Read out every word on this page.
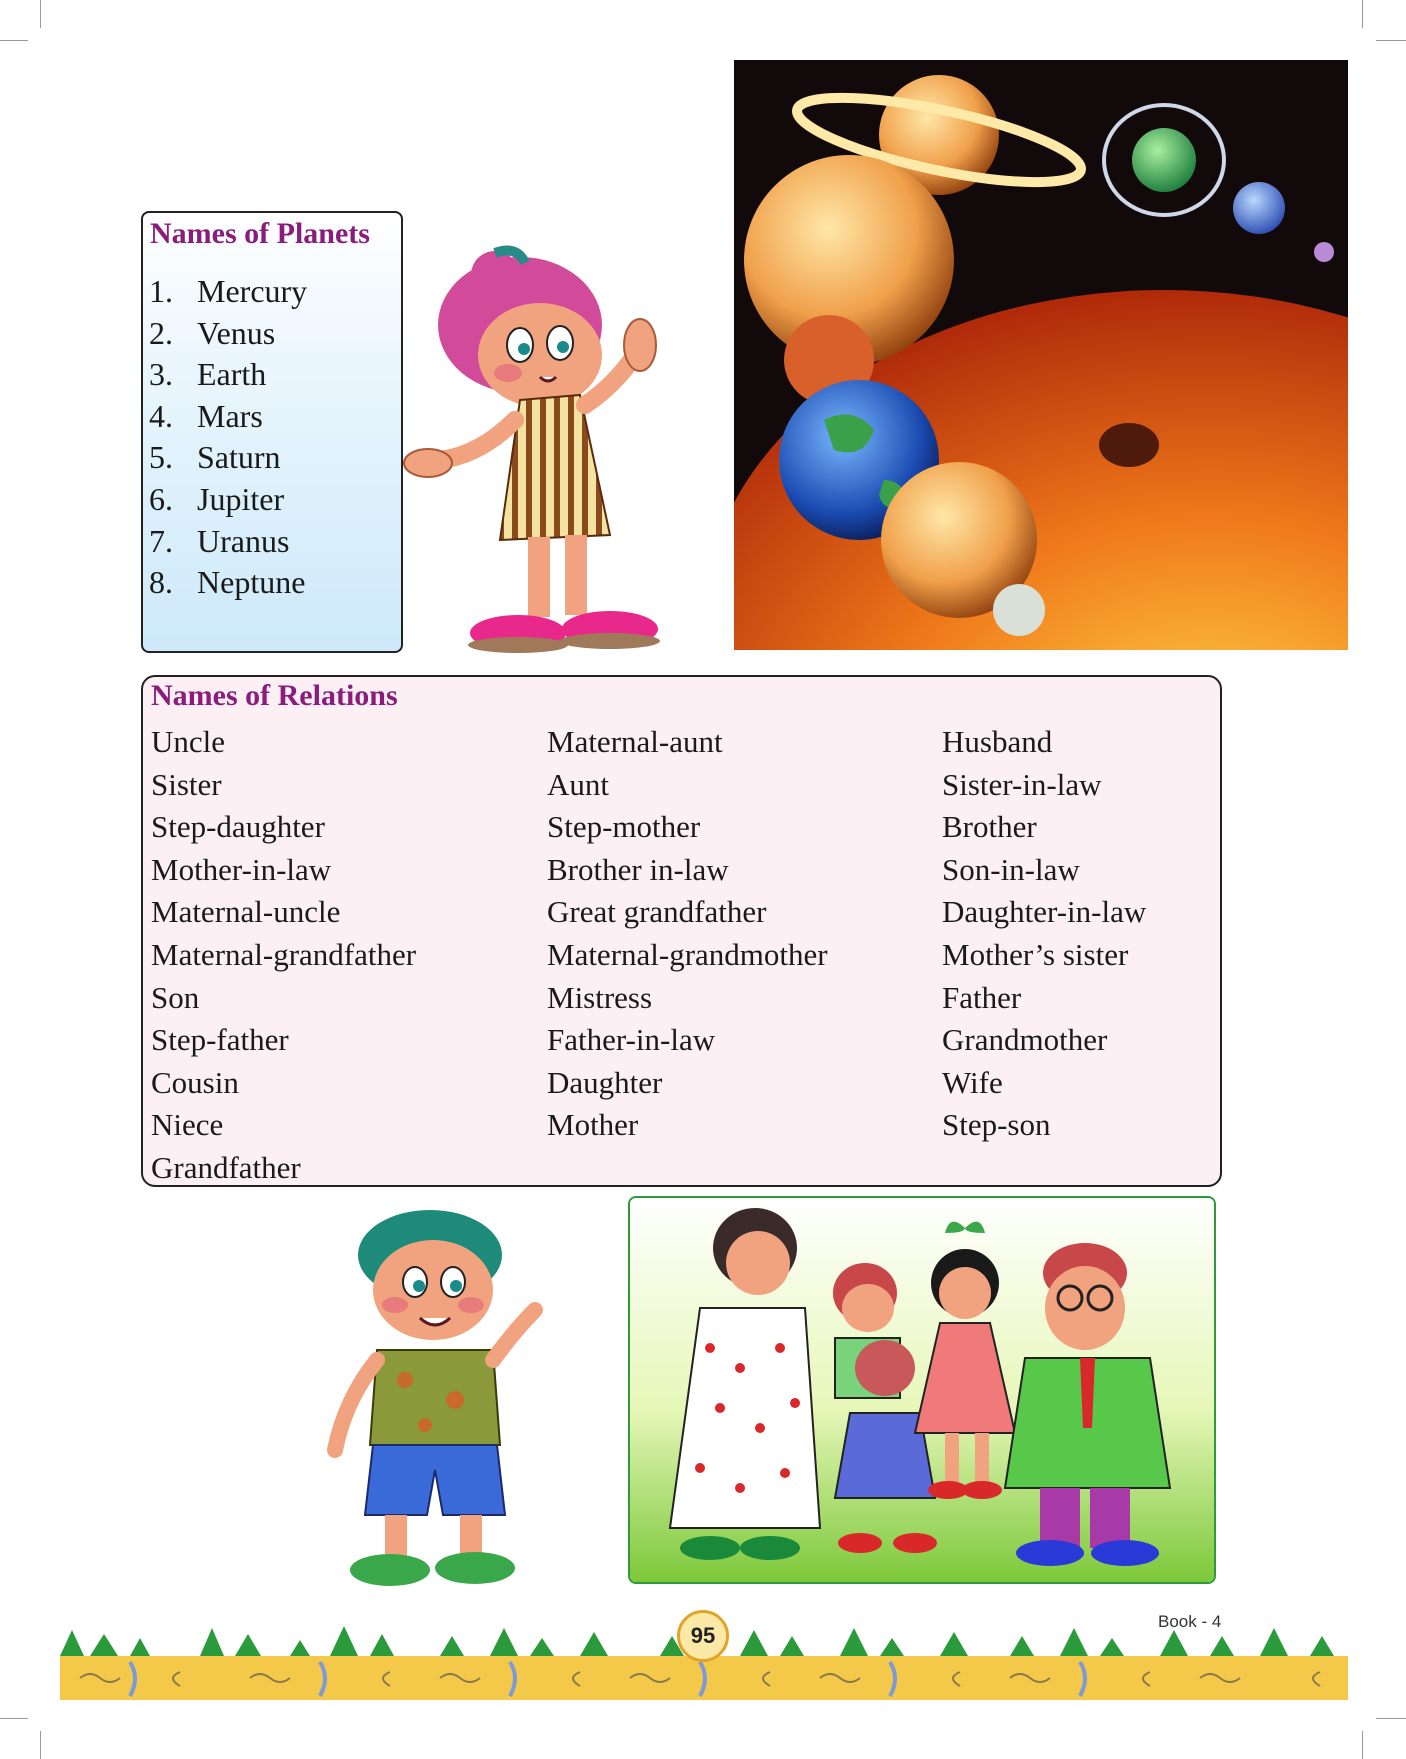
Names of Planets
1. Mercury
2. Venus
3. Earth
4. Mars
5. Saturn
6. Jupiter
7. Uranus
8. Neptune
Names of Relations
Uncle
Sister
Step-daughter
Mother-in-law
Maternal-uncle
Maternal-grandfather
Son
Step-father
Cousin
Niece
Grandfather
Maternal-aunt
Aunt
Step-mother
Brother in-law
Great grandfather
Maternal-grandmother
Mistress
Father-in-law
Daughter
Mother
Husband
Sister-in-law
Brother
Son-in-law
Daughter-in-law
Mother’s sister
Father
Grandmother
Wife
Step-son
95
Book - 4
